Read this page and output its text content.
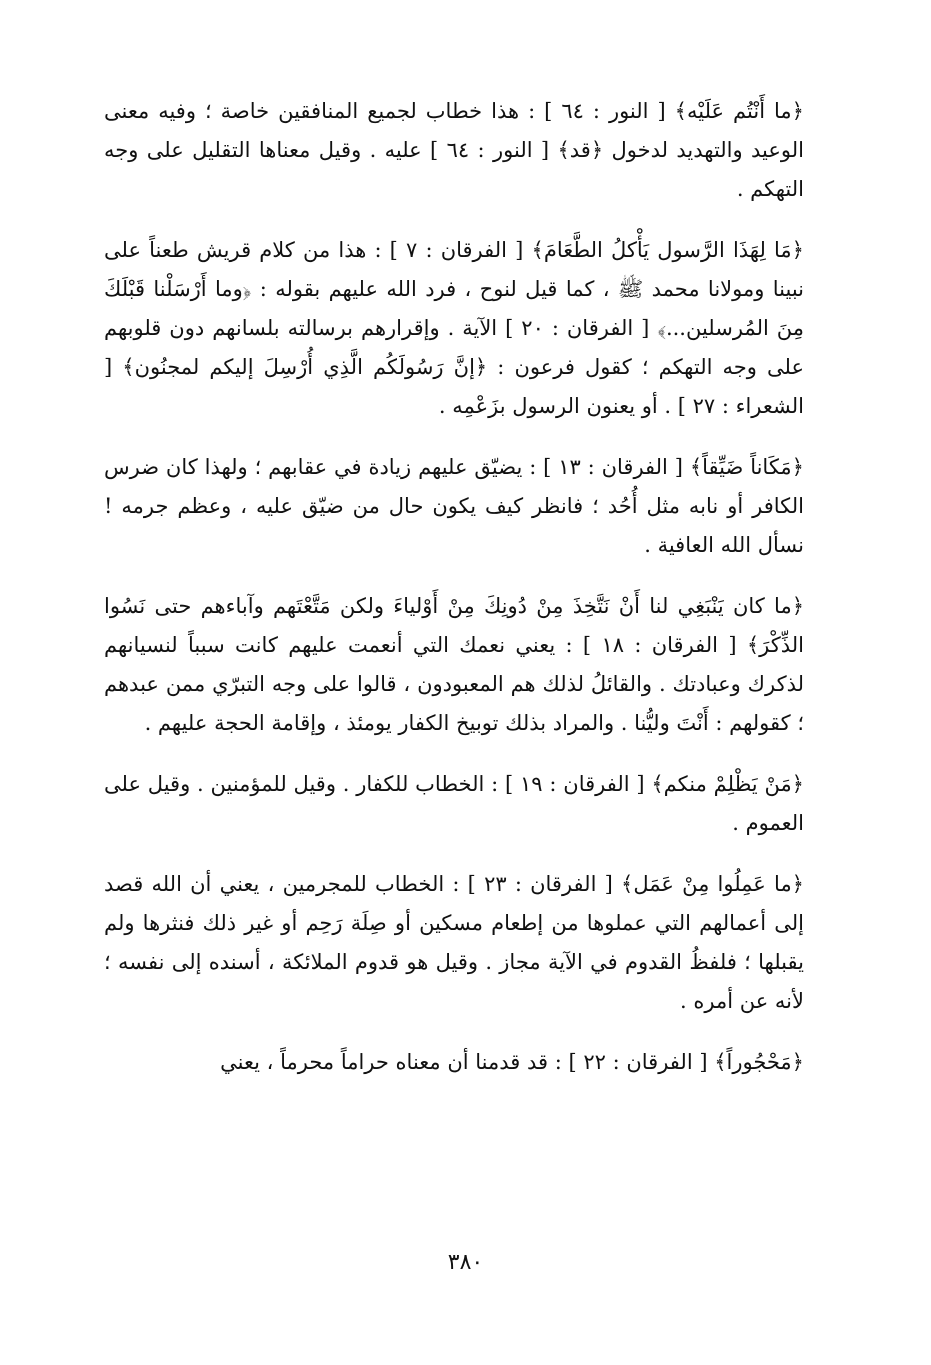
﴿ما أَنْتُم عَلَيْه﴾ [ النور : ٦٤ ] : هذا خطاب لجميع المنافقين خاصة ؛ وفيه معنى الوعيد والتهديد لدخول ﴿قد﴾ [ النور : ٦٤ ] عليه . وقيل معناها التقليل على وجه التهكم .

﴿مَا لِهَذَا الرَّسول يَأْكلُ الطَّعَامَ﴾ [ الفرقان : ٧ ] : هذا من كلام قريش طعناً على نبينا ومولانا محمد ﷺ ، كما قيل لنوح ، فرد الله عليهم بقوله : ﴿وما أَرْسَلْنا قَبْلَكَ مِنَ المُرسلين...﴾ [ الفرقان : ٢٠ ] الآية . وإقرارهم برسالته بلسانهم دون قلوبهم على وجه التهكم ؛ كقول فرعون : ﴿إنَّ رَسُولَكُم الَّذِي أُرْسِلَ إليكم لمجنُون﴾ [ الشعراء : ٢٧ ] . أو يعنون الرسول بزَعْمِه .

﴿مَكَاناً ضَيِّقاً﴾ [ الفرقان : ١٣ ] : يضيّق عليهم زيادة في عقابهم ؛ ولهذا كان ضرس الكافر أو نابه مثل أُحُد ؛ فانظر كيف يكون حال من ضيّق عليه ، وعظم جرمه ! نسأل الله العافية .

﴿ما كان يَنْبَغِي لنا أَنْ نَتَّخِذَ مِنْ دُونِكَ مِنْ أَوْلياءَ ولكن مَتَّعْتَهم وآباءهم حتى نَسُوا الذِّكْرَ﴾ [ الفرقان : ١٨ ] : يعني نعمك التي أنعمت عليهم كانت سبباً لنسيانهم لذكرك وعبادتك . والقائلُ لذلك هم المعبودون ، قالوا على وجه التبرّي ممن عبدهم ؛ كقولهم : أَنْتَ وليُّنا . والمراد بذلك توبيخ الكفار يومئذ ، وإقامة الحجة عليهم .

﴿مَنْ يَظْلِمْ منكم﴾ [ الفرقان : ١٩ ] : الخطاب للكفار . وقيل للمؤمنين . وقيل على العموم .

﴿ما عَمِلُوا مِنْ عَمَل﴾ [ الفرقان : ٢٣ ] : الخطاب للمجرمين ، يعني أن الله قصد إلى أعمالهم التي عملوها من إطعام مسكين أو صِلَة رَحِم أو غير ذلك فنثرها ولم يقبلها ؛ فلفظُ القدوم في الآية مجاز . وقيل هو قدوم الملائكة ، أسنده إلى نفسه ؛ لأنه عن أمره .

﴿مَحْجُوراً﴾ [ الفرقان : ٢٢ ] : قد قدمنا أن معناه حراماً محرماً ، يعني

٣٨٠
